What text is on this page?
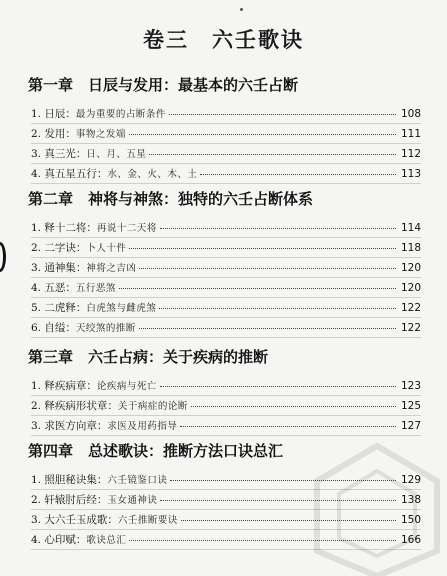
卷三　六壬歌诀
第一章　日辰与发用：最基本的六壬占断
1. 日辰： 最为重要的占断条件	108
2. 发用： 事物之发端	111
3. 真三光： 日、月、五星	112
4. 真五星五行： 水、金、火、木、土	113
第二章　神将与神煞：独特的六壬占断体系
1. 释十二将： 再说十二天将	114
2. 二字诀： 卜人十件	118
3. 通神集： 神将之吉凶	120
4. 五恶： 五行恶煞	120
5. 二虎释： 白虎煞与雌虎煞	122
6. 自缢： 天绞煞的推断	122
第三章　六壬占病：关于疾病的推断
1. 释疾病章： 论疾病与死亡	123
2. 释疾病形状章： 关于病症的论断	125
3. 求医方向章： 求医及用药指导	127
第四章　总述歌诀：推断方法口诀总汇
1. 照胆秘诀集： 六壬镜鉴口诀	129
2. 轩辕肘后经： 玉女通神诀	138
3. 大六壬玉成歌： 六壬推断要诀	150
4. 心印赋： 歌诀总汇	166
